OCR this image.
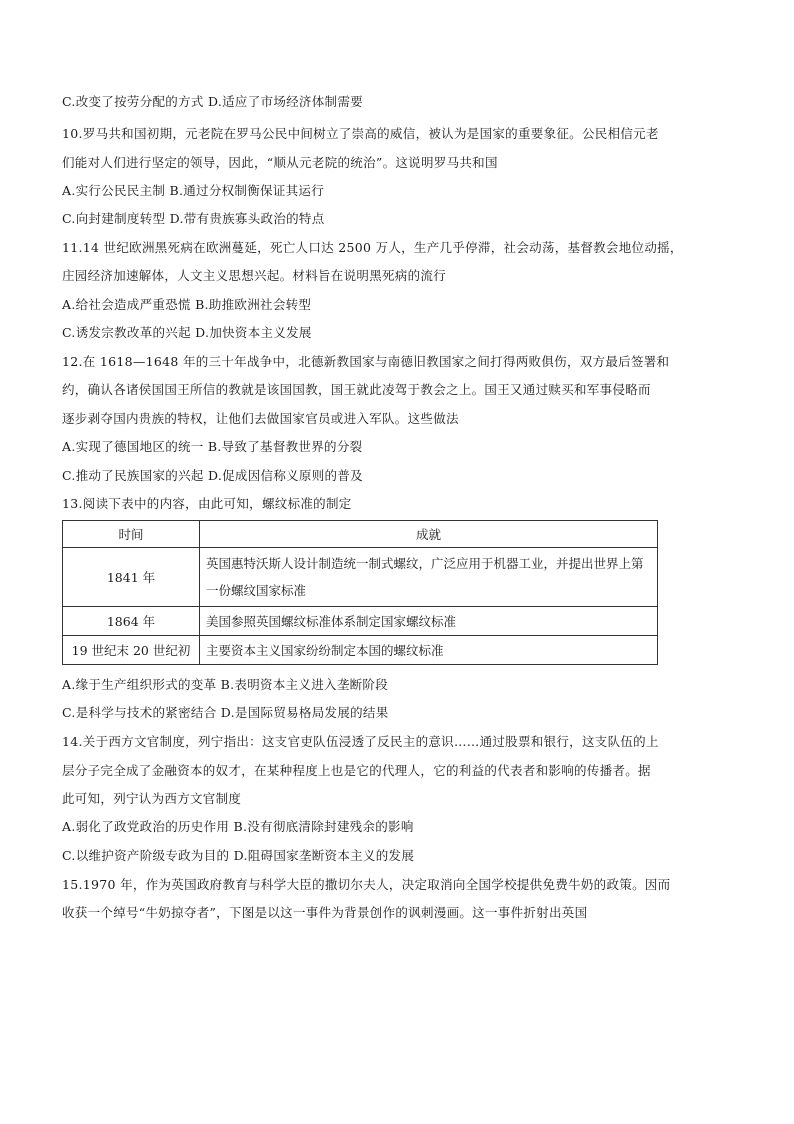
C.改变了按劳分配的方式 D.适应了市场经济体制需要
10.罗马共和国初期，元老院在罗马公民中间树立了崇高的威信，被认为是国家的重要象征。公民相信元老
们能对人们进行坚定的领导，因此，“顺从元老院的统治”。这说明罗马共和国
A.实行公民民主制 B.通过分权制衡保证其运行
C.向封建制度转型 D.带有贵族寡头政治的特点
11.14 世纪欧洲黑死病在欧洲蔓延，死亡人口达 2500 万人，生产几乎停滞，社会动荡，基督教会地位动摇，
庄园经济加速解体，人文主义思想兴起。材料旨在说明黑死病的流行
A.给社会造成严重恐慌 B.助推欧洲社会转型
C.诱发宗教改革的兴起 D.加快资本主义发展
12.在 1618—1648 年的三十年战争中，北德新教国家与南德旧教国家之间打得两败俱伤，双方最后签署和
约，确认各诸侯国国王所信的教就是该国国教，国王就此凌驾于教会之上。国王又通过赎买和军事侵略而
逐步剥夺国内贵族的特权，让他们去做国家官员或进入军队。这些做法
A.实现了德国地区的统一 B.导致了基督教世界的分裂
C.推动了民族国家的兴起 D.促成因信称义原则的普及
13.阅读下表中的内容，由此可知，螺纹标准的制定
A.缘于生产组织形式的变革 B.表明资本主义进入垄断阶段
C.是科学与技术的紧密结合 D.是国际贸易格局发展的结果
14.关于西方文官制度，列宁指出：这支官吏队伍浸透了反民主的意识……通过股票和银行，这支队伍的上
层分子完全成了金融资本的奴才，在某种程度上也是它的代理人，它的利益的代表者和影响的传播者。据
此可知，列宁认为西方文官制度
A.弱化了政党政治的历史作用 B.没有彻底清除封建残余的影响
C.以维护资产阶级专政为目的 D.阻碍国家垄断资本主义的发展
15.1970 年，作为英国政府教育与科学大臣的撒切尔夫人，决定取消向全国学校提供免费牛奶的政策。因而
收获一个绰号“牛奶掠夺者”，下图是以这一事件为背景创作的讽刺漫画。这一事件折射出英国
时间	成就
1841 年	英国惠特沃斯人设计制造统一制式螺纹，广泛应用于机器工业，并提出世界上第
一份螺纹国家标准

1864 年	美国参照英国螺纹标准体系制定国家螺纹标准
19 世纪末 20 世纪初	主要资本主义国家纷纷制定本国的螺纹标准
